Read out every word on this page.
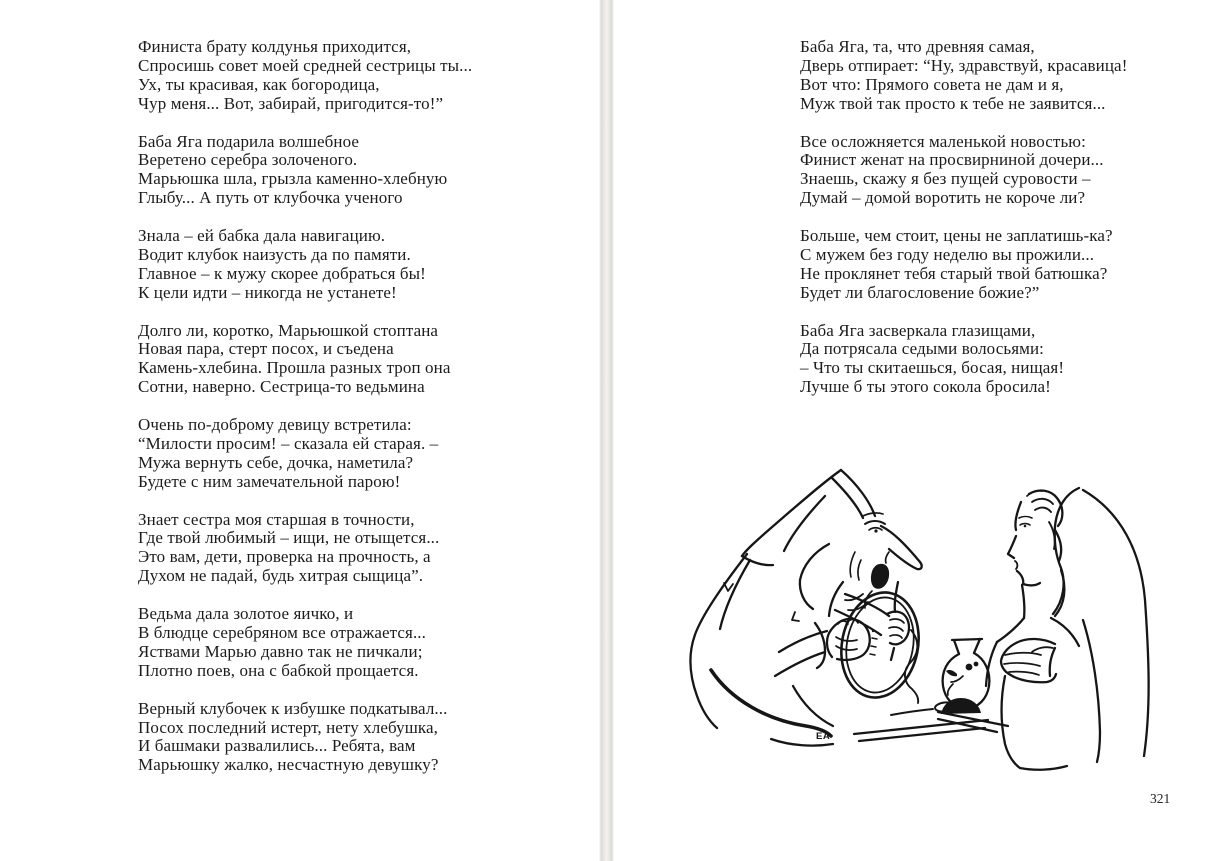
Финиста брату колдунья приходится,
Спросишь совет моей средней сестрицы ты...
Ух, ты красивая, как богородица,
Чур меня... Вот, забирай, пригодится-то!”
Баба Яга подарила волшебное
Веретено серебра золоченого.
Марьюшка шла, грызла каменно-хлебную
Глыбу... А путь от клубочка ученого
Знала – ей бабка дала навигацию.
Водит клубок наизусть да по памяти.
Главное – к мужу скорее добраться бы!
К цели идти – никогда не устанете!
Долго ли, коротко, Марьюшкой стоптана
Новая пара, стерт посох, и съедена
Камень-хлебина. Прошла разных троп она
Сотни, наверно. Сестрица-то ведьмина
Очень по-доброму девицу встретила:
“Милости просим! – сказала ей старая. –
Мужа вернуть себе, дочка, наметила?
Будете с ним замечательной парою!
Знает сестра моя старшая в точности,
Где твой любимый – ищи, не отыщется...
Это вам, дети, проверка на прочность, а
Духом не падай, будь хитрая сыщица”.
Ведьма дала золотое яичко, и
В блюдце серебряном все отражается...
Яствами Марью давно так не пичкали;
Плотно поев, она с бабкой прощается.
Верный клубочек к избушке подкатывал...
Посох последний истерт, нету хлебушка,
И башмаки развалились... Ребята, вам
Марьюшку жалко, несчастную девушку?
Баба Яга, та, что древняя самая,
Дверь отпирает: “Ну, здравствуй, красавица!
Вот что: Прямого совета не дам и я,
Муж твой так просто к тебе не заявится...
Все осложняется маленькой новостью:
Финист женат на просвирниной дочери...
Знаешь, скажу я без пущей суровости –
Думай – домой воротить не короче ли?
Больше, чем стоит, цены не заплатишь-ка?
С мужем без году неделю вы прожили...
Не проклянет тебя старый твой батюшка?
Будет ли благословение божие?”
Баба Яга засверкала глазищами,
Да потрясала седыми волосьями:
– Что ты скитаешься, босая, нищая!
Лучше б ты этого сокола бросила!
ЕА
321
